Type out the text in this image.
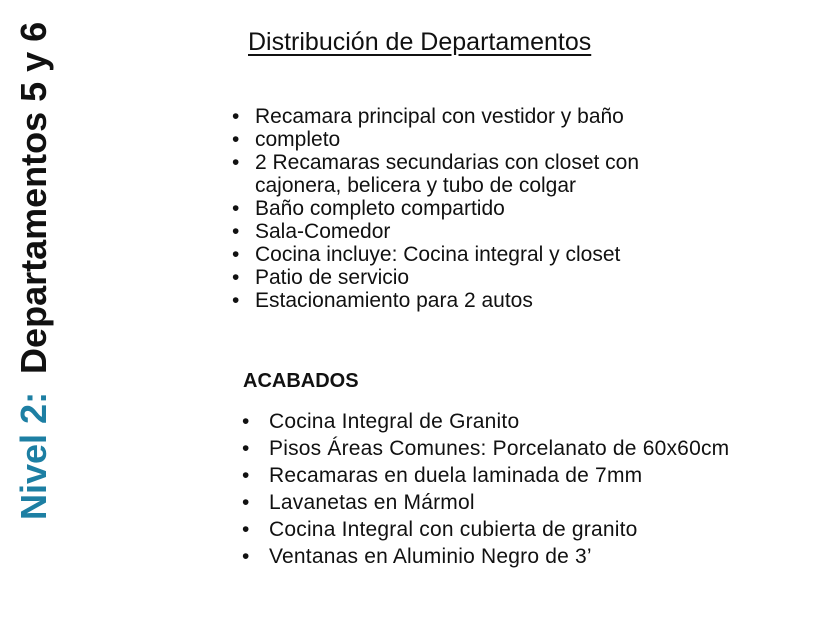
Nivel 2:Departamentos 5 y 6	Distribución de Departamentos
• Recamara principal con vestidor y baño
• completo
• 2 Recamaras secundarias con closet con
cajonera, belicera y tubo de colgar
• Baño completo compartido
• Sala-Comedor
• Cocina incluye: Cocina integral y closet
• Patio de servicio
• Estacionamiento para 2 autos
ACABADOS
• Cocina Integral de Granito
• Pisos Áreas Comunes: Porcelanato de 60x60cm
• Recamaras en duela laminada de 7mm
• Lavanetas en Mármol
• Cocina Integral con cubierta de granito
• Ventanas en Aluminio Negro de 3’
